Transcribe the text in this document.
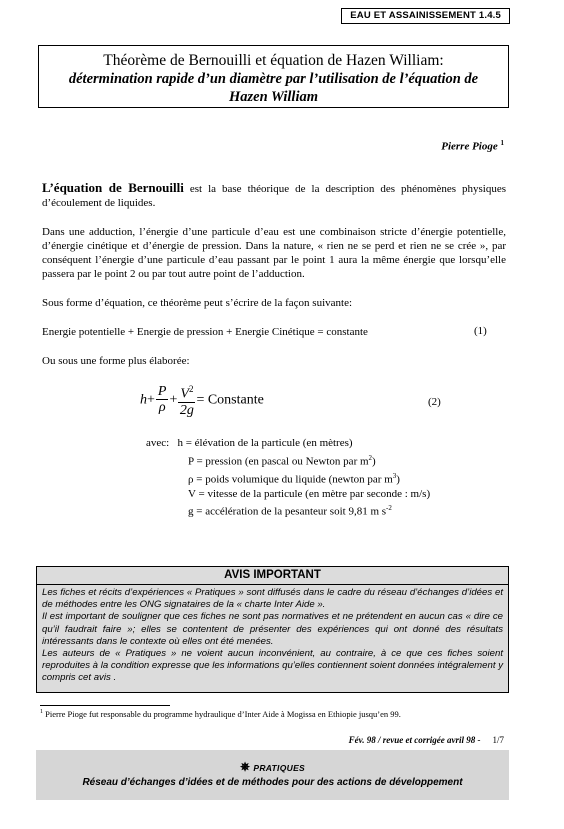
EAU ET ASSAINISSEMENT 1.4.5
Théorème de Bernouilli et équation de Hazen William:
détermination rapide d’un diamètre par l’utilisation de l’équation de
Hazen William
Pierre Pioge $^1$
L’équation de Bernouilli est la base théorique de la description des phénomènes physiques d’écoulement de liquides.
Dans une adduction, l’énergie d’une particule d’eau est une combinaison stricte d’énergie potentielle, d’énergie cinétique et d’énergie de pression. Dans la nature, « rien ne se perd et rien ne se crée », par conséquent l’énergie d’une particule d’eau passant par le point 1 aura la même énergie que lorsqu’elle passera par le point 2 ou par tout autre point de l’adduction.
Sous forme d’équation, ce théorème peut s’écrire de la façon suivante:
Energie potentielle + Energie de pression + Energie Cinétique = constante	(1)
Ou sous une forme plus élaborée:
$h+ \frac{P}{\rho} + \frac{V^2}{2g}$ = Constante	(2)
avec: h = élévation de la particule (en mètres)
P = pression (en pascal ou Newton par $m^2$)
ρ = poids volumique du liquide (newton par $m^3$)
V = vitesse de la particule (en mètre par seconde : m/s)
g = accélération de la pesanteur soit 9,81 m $s^{-2}$
AVIS IMPORTANT
Les fiches et récits d’expériences « Pratiques » sont diffusés dans le cadre du réseau d’échanges d’idées et de méthodes entre les ONG signataires de la « charte Inter Aide ».
Il est important de souligner que ces fiches ne sont pas normatives et ne prétendent en aucun cas « dire ce qu’il faudrait faire »; elles se contentent de présenter des expériences qui ont donné des résultats intéressants dans le contexte où elles ont été menées.
Les auteurs de « Pratiques » ne voient aucun inconvénient, au contraire, à ce que ces fiches soient reproduites à la condition expresse que les informations qu’elles contiennent soient données intégralement y compris cet avis .
$^1$ Pierre Pioge fut responsable du programme hydraulique d’Inter Aide à Mogissa en Ethiopie jusqu’en 99.
Fév. 98 / revue et corrigée avril 98 - 1/7
✵ PRATIQUES
Réseau d’échanges d’idées et de méthodes pour des actions de développement
